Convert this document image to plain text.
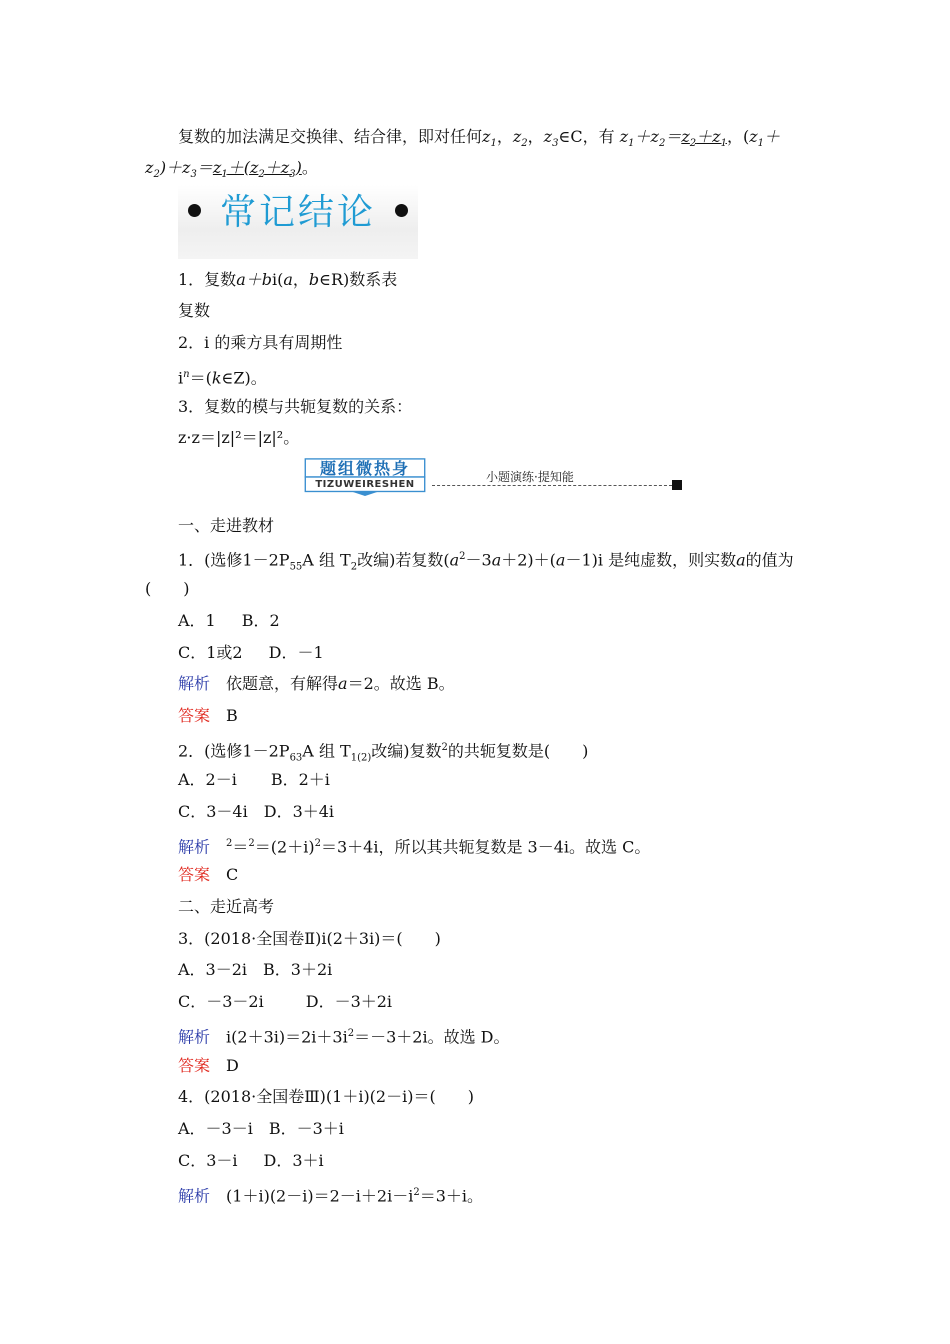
复数的加法满足交换律、结合律，即对任何$z_1$，$z_2$，$z_3\in C$，有 $z_1+z_2=z_2+z_1$，($z_1+$
$z_2)+z_3=z_1+(z_2+z_3)$。
常记结论
1．复数a＋bi(a，b∈R)数系表
复数
2．i 的乘方具有周期性
$i^n=(k\in Z)$。
3．复数的模与共轭复数的关系：
z·z＝|z|²＝|z|²。
题组微热身
TIZUWEIRESHEN
小题演练·提知能
一、走进教材
1．(选修$1-2P_{55}A$ 组 $T_2$改编)若复数$(a^2-3a+2)+(a-1)i$ 是纯虚数，则实数a的值为
(　　)
A．1 B．2
C．1或2 D．－1
解析　 依题意，有解得a＝2。故选 B。
答案　 B
2．(选修$1-2P_{63}A$ 组 $T_{1(2)}$改编)复数$^2$的共轭复数是(　　)
A．2－i B．2＋i
C．3－4i D．3＋4i
解析　 $^2=^2=(2+i)^2=3+4i$，所以其共轭复数是 3－4i。故选 C。
答案　 C
二、走近高考
3．(2018·全国卷Ⅱ)i(2＋3i)＝(　　)
A．3－2i B．3＋2i
C．－3－2i	D．－3＋2i
解析　 $i(2+3i)=2i+3i^2=-3+2i$。故选 D。
答案　 D
4．(2018·全国卷Ⅲ)(1＋i)(2－i)＝(　　)
A．－3－i B．－3＋i
C．3－i D．3＋i
解析　 $(1+i)(2-i)=2-i+2i-i^2=3+i$。
